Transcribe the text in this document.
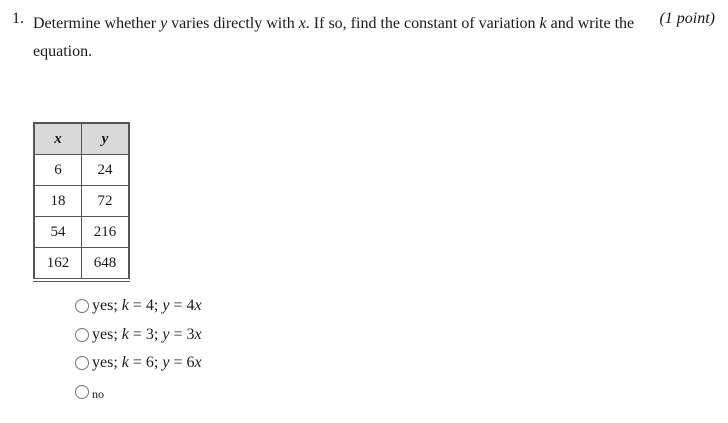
1. Determine whether y varies directly with x. If so, find the constant of variation k and write the equation.
(1 point)
x	y
6	24
18	72
54	216
162	648
yes; k = 4; y = 4x
yes; k = 3; y = 3x
yes; k = 6; y = 6x
no
